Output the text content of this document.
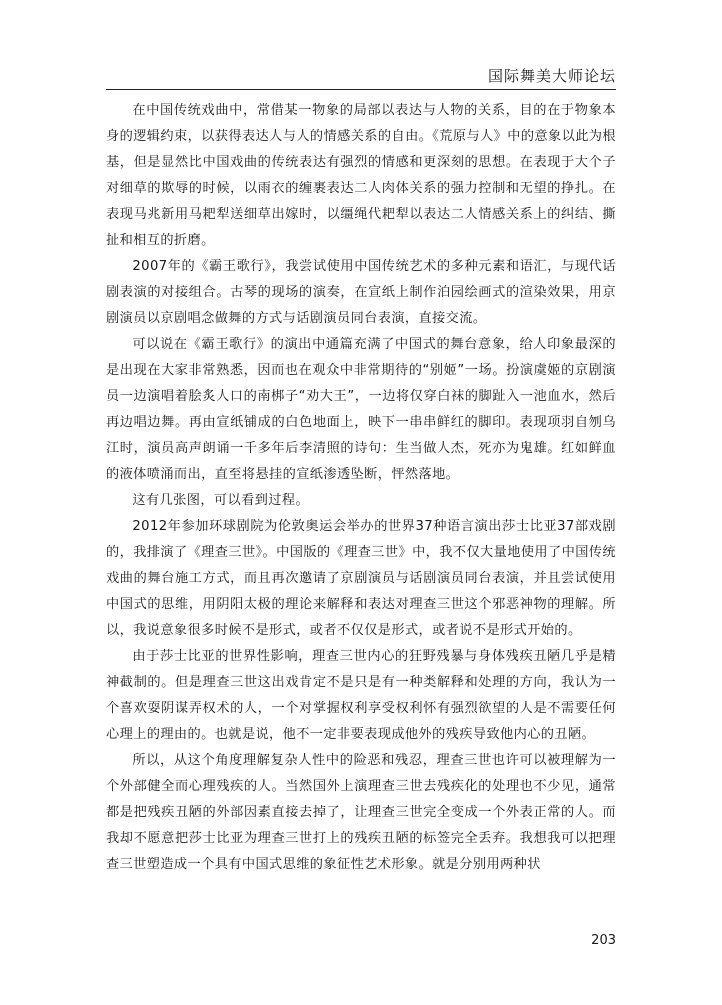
国际舞美大师论坛

在中国传统戏曲中，常借某一物象的局部以表达与人物的关系，目的在于物象本身的逻辑约束，以获得表达人与人的情感关系的自由。《荒原与人》中的意象以此为根基，但是显然比中国戏曲的传统表达有强烈的情感和更深刻的思想。在表现于大个子对细草的欺辱的时候，以雨衣的缠裹表达二人肉体关系的强力控制和无望的挣扎。在表现马兆新用马耙犁送细草出嫁时，以缰绳代耙犁以表达二人情感关系上的纠结、撕扯和相互的折磨。

2007年的《霸王歌行》，我尝试使用中国传统艺术的多种元素和语汇，与现代话剧表演的对接组合。古琴的现场的演奏，在宣纸上制作泊园绘画式的渲染效果，用京剧演员以京剧唱念做舞的方式与话剧演员同台表演，直接交流。

可以说在《霸王歌行》的演出中通篇充满了中国式的舞台意象，给人印象最深的是出现在大家非常熟悉，因而也在观众中非常期待的“别姬”一场。扮演虞姬的京剧演员一边演唱着脍炙人口的南梆子“劝大王”，一边将仅穿白袜的脚趾入一池血水，然后再边唱边舞。再由宣纸铺成的白色地面上，映下一串串鲜红的脚印。表现项羽自刎乌江时，演员高声朗诵一千多年后李清照的诗句：生当做人杰，死亦为鬼雄。红如鲜血的液体喷涌而出，直至将悬挂的宣纸渗透坠断，怦然落地。

这有几张图，可以看到过程。

2012年参加环球剧院为伦敦奥运会举办的世界37种语言演出莎士比亚37部戏剧的，我排演了《理查三世》。中国版的《理查三世》中，我不仅大量地使用了中国传统戏曲的舞台施工方式，而且再次邀请了京剧演员与话剧演员同台表演，并且尝试使用中国式的思维，用阴阳太极的理论来解释和表达对理查三世这个邪恶神物的理解。所以，我说意象很多时候不是形式，或者不仅仅是形式，或者说不是形式开始的。

由于莎士比亚的世界性影响，理查三世内心的狂野残暴与身体残疾丑陋几乎是精神截制的。但是理查三世这出戏肯定不是只是有一种类解释和处理的方向，我认为一个喜欢耍阴谋弄权术的人，一个对掌握权利享受权利怀有强烈欲望的人是不需要任何心理上的理由的。也就是说，他不一定非要表现成他外的残疾导致他内心的丑陋。

所以，从这个角度理解复杂人性中的险恶和残忍，理查三世也许可以被理解为一个外部健全而心理残疾的人。当然国外上演理查三世去残疾化的处理也不少见，通常都是把残疾丑陋的外部因素直接去掉了，让理查三世完全变成一个外表正常的人。而我却不愿意把莎士比亚为理查三世打上的残疾丑陋的标签完全丢弃。我想我可以把理查三世塑造成一个具有中国式思维的象征性艺术形象。就是分别用两种状

203
